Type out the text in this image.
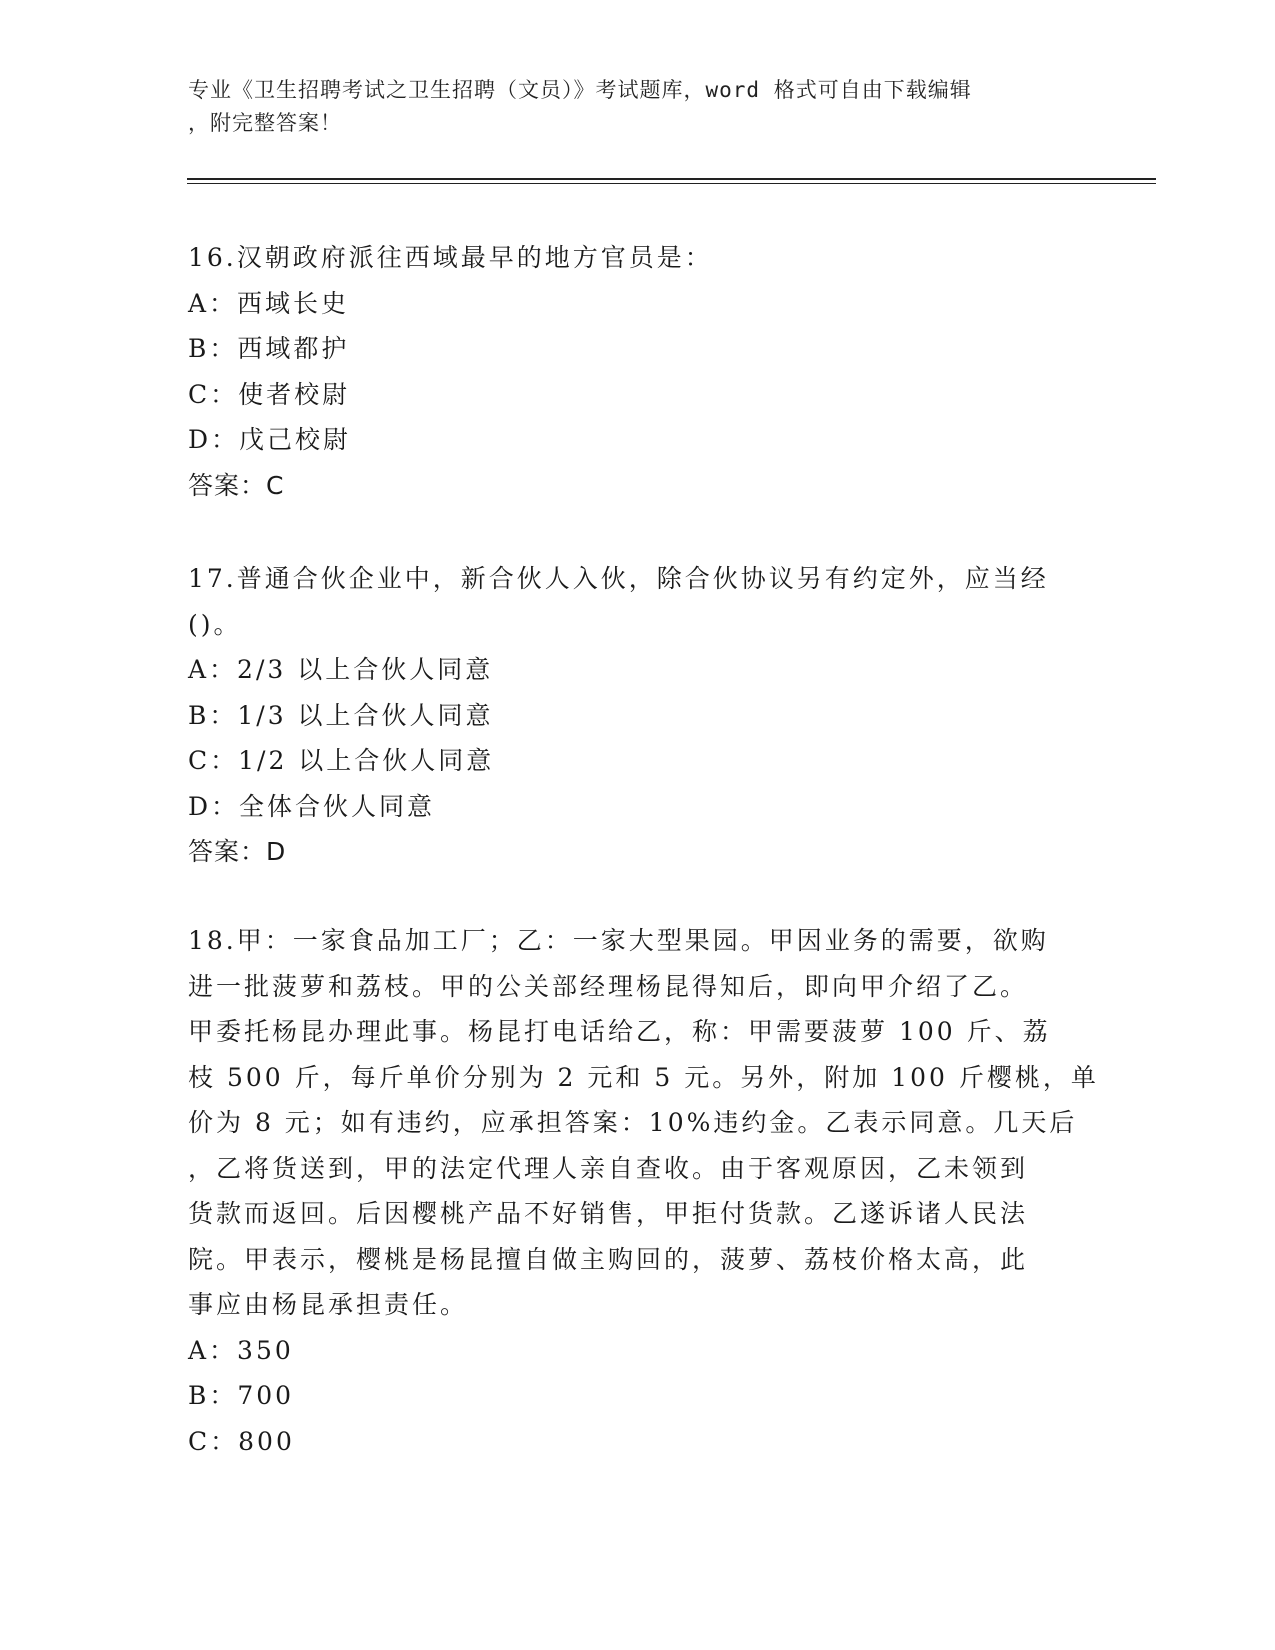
专业《卫生招聘考试之卫生招聘（文员）》考试题库，word 格式可自由下载编辑
，附完整答案！
16.汉朝政府派往西域最早的地方官员是：
A：西域长史
B：西域都护
C：使者校尉
D：戊己校尉
答案：C
17.普通合伙企业中，新合伙人入伙，除合伙协议另有约定外，应当经
()。
A：2/3 以上合伙人同意
B：1/3 以上合伙人同意
C：1/2 以上合伙人同意
D：全体合伙人同意
答案：D
18.甲：一家食品加工厂；乙：一家大型果园。甲因业务的需要，欲购
进一批菠萝和荔枝。甲的公关部经理杨昆得知后，即向甲介绍了乙。
甲委托杨昆办理此事。杨昆打电话给乙，称：甲需要菠萝 100 斤、荔
枝 500 斤，每斤单价分别为 2 元和 5 元。另外，附加 100 斤樱桃，单
价为 8 元；如有违约，应承担答案：10%违约金。乙表示同意。几天后
，乙将货送到，甲的法定代理人亲自查收。由于客观原因，乙未领到
货款而返回。后因樱桃产品不好销售，甲拒付货款。乙遂诉诸人民法
院。甲表示，樱桃是杨昆擅自做主购回的，菠萝、荔枝价格太高，此
事应由杨昆承担责任。
A：350
B：700
C：800
